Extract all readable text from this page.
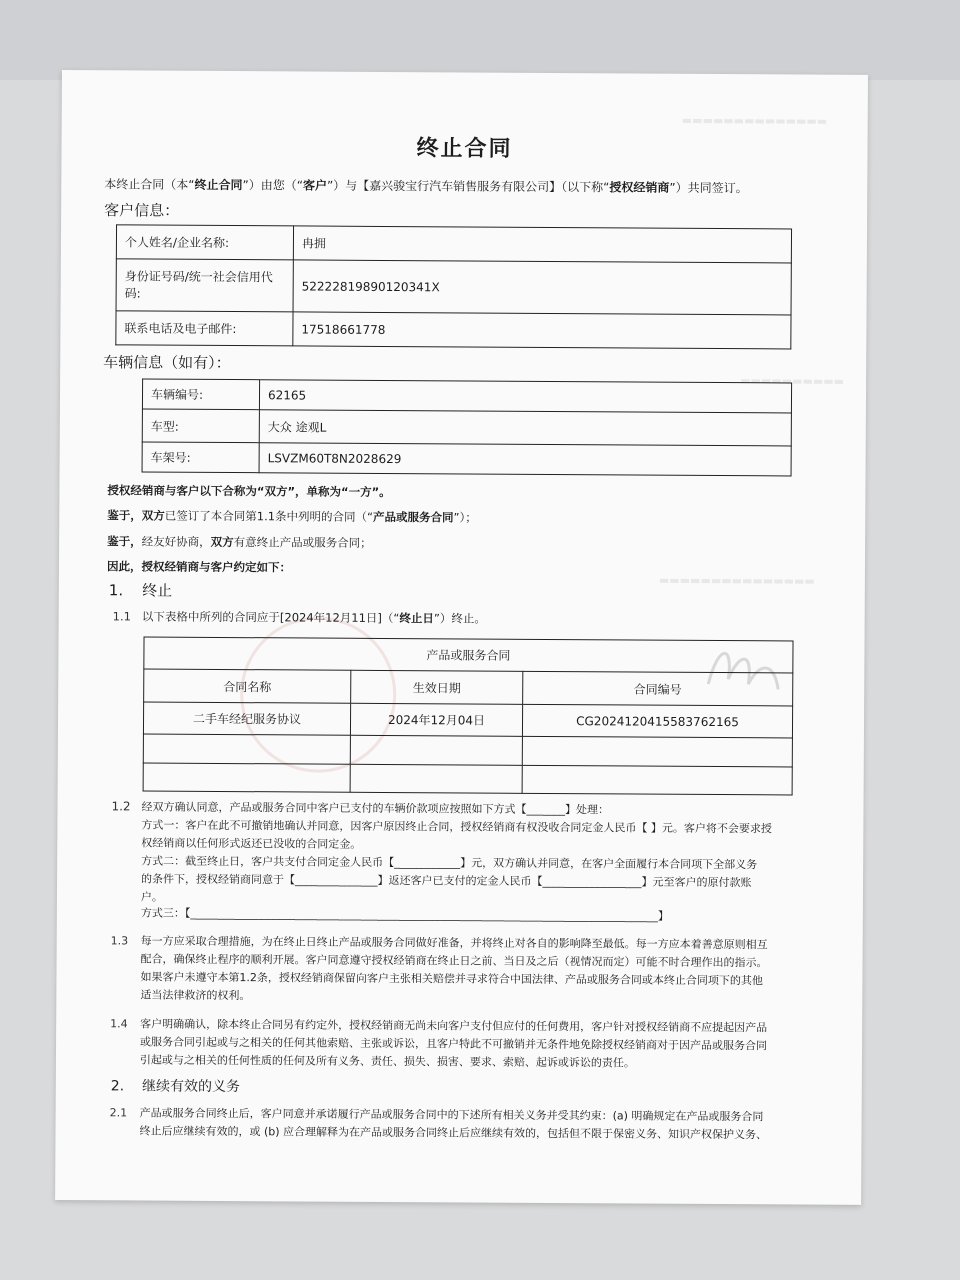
▬▬▬▬▬▬▬▬▬▬▬▬▬▬
▬▬▬▬▬▬▬▬▬▬
▬▬▬▬▬▬▬▬▬▬▬▬▬▬▬
终止合同
本终止合同（本“终止合同”）由您（“客户”）与【嘉兴骏宝行汽车销售服务有限公司】（以下称“授权经销商”）共同签订。
客户信息：
个人姓名/企业名称:	冉拥
身份证号码/统一社会信用代码:	52222819890120341X
联系电话及电子邮件:	17518661778
车辆信息（如有）：
车辆编号:	62165
车型:	大众 途观L
车架号:	LSVZM60T8N2028629
授权经销商与客户以下合称为“双方”，单称为“一方”。
鉴于，双方已签订了本合同第1.1条中列明的合同（“产品或服务合同”）；
鉴于，经友好协商，双方有意终止产品或服务合同；
因此，授权经销商与客户约定如下：
1. 终止
1.1 以下表格中所列的合同应于[2024年12月11日]（“终止日”）终止。
产品或服务合同		
合同名称	生效日期	合同编号
二手车经纪服务协议	2024年12月04日	CG20241204155837621​65

1.2 经双方确认同意，产品或服务合同中客户已支付的车辆价款项应按照如下方式【_______】处理：
方式一：客户在此不可撤销地确认并同意，因客户原因终止合同，授权经销商有权没收合同定金人民币【 】元。客户将不会要求授
权经销商以任何形式返还已没收的合同定金。
方式二：截至终止日，客户共支付合同定金人民币【____________】元，双方确认并同意，在客户全面履行本合同项下全部义务
的条件下，授权经销商同意于【_______________】返还客户已支付的定金人民币【__________________】元至客户的原付款账
户。
方式三：【_____________________________________________________________________________________】
1.3 每一方应采取合理措施，为在终止日终止产品或服务合同做好准备，并将终止对各自的影响降至最低。每一方应本着善意原则相互
配合，确保终止程序的顺利开展。客户同意遵守授权经销商在终止日之前、当日及之后（视情况而定）可能不时合理作出的指示。
如果客户未遵守本第1.2条，授权经销商保留向客户主张相关赔偿并寻求符合中国法律、产品或服务合同或本终止合同项下的其他
适当法律救济的权利。
1.4 客户明确确认，除本终止合同另有约定外，授权经销商无尚未向客户支付但应付的任何费用，客户针对授权经销商不应提起因产品
或服务合同引起或与之相关的任何其他索赔、主张或诉讼，且客户特此不可撤销并无条件地免除授权经销商对于因产品或服务合同
引起或与之相关的任何性质的任何及所有义务、责任、损失、损害、要求、索赔、起诉或诉讼的责任。
2. 继续有效的义务
2.1 产品或服务合同终止后，客户同意并承诺履行产品或服务合同中的下述所有相关义务并受其约束：(a) 明确规定在产品或服务合同
终止后应继续有效的，或 (b) 应合理解释为在产品或服务合同终止后应继续有效的，包括但不限于保密义务、知识产权保护义务、
